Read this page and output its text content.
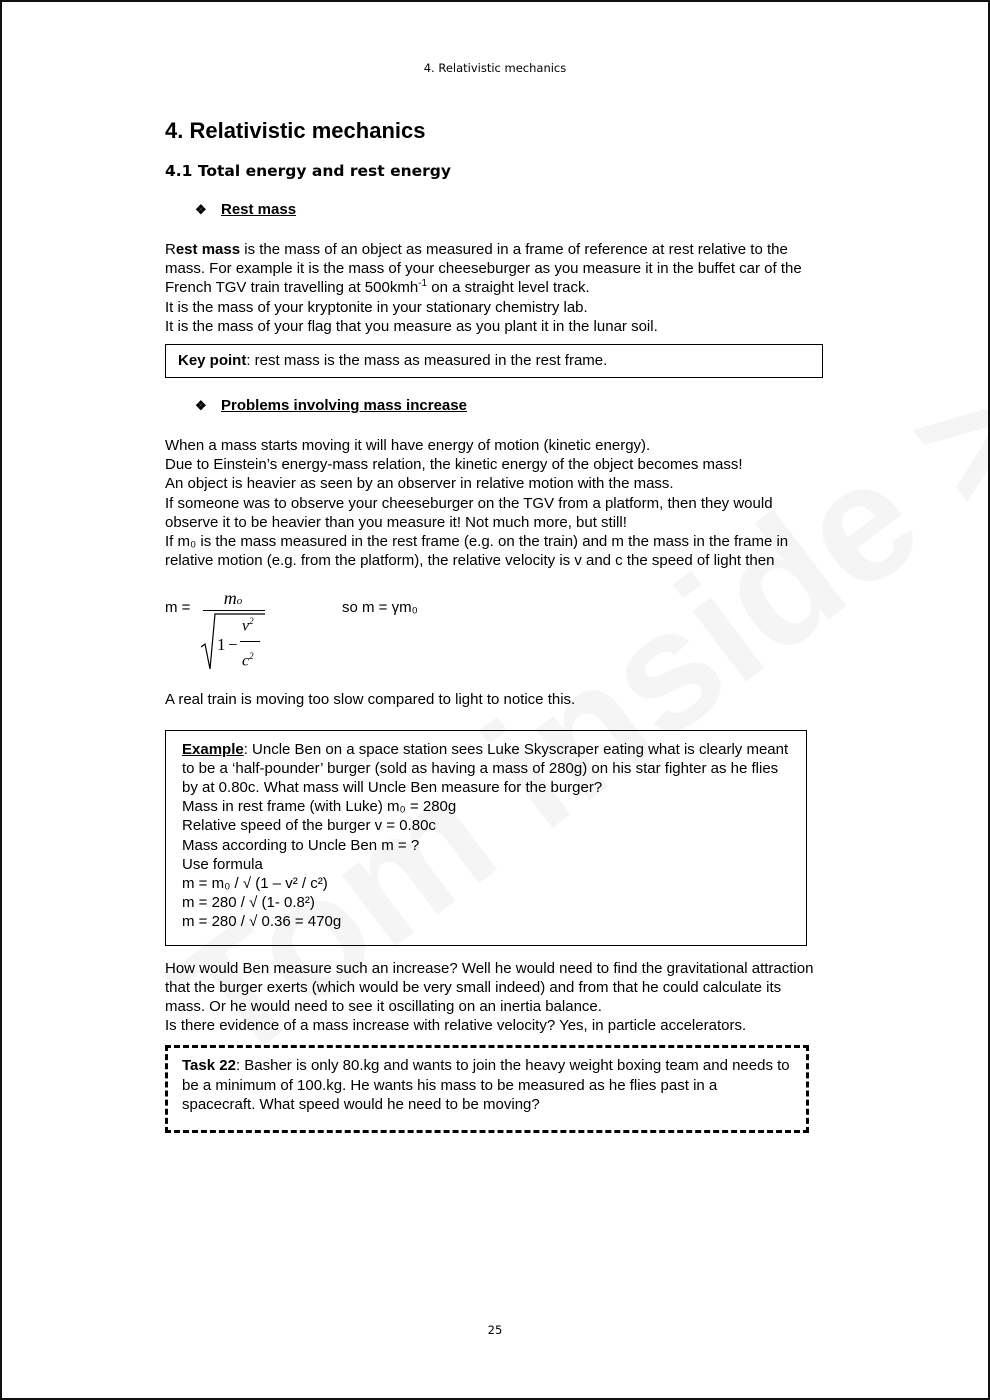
4. Relativistic mechanics
4. Relativistic mechanics
4.1 Total energy and rest energy
❖ Rest mass

Rest mass is the mass of an object as measured in a frame of reference at rest relative to the mass. For example it is the mass of your cheeseburger as you measure it in the buffet car of the French TGV train travelling at 500kmh$^{-1}$ on a straight level track.

It is the mass of your kryptonite in your stationary chemistry lab.

It is the mass of your flag that you measure as you plant it in the lunar soil.

Key point: rest mass is the mass as measured in the rest frame.
❖ Problems involving mass increase

When a mass starts moving it will have energy of motion (kinetic energy).

Due to Einstein’s energy-mass relation, the kinetic energy of the object becomes mass!

An object is heavier as seen by an observer in relative motion with the mass.

If someone was to observe your cheeseburger on the TGV from a platform, then they would observe it to be heavier than you measure it! Not much more, but still!

If m₀ is the mass measured in the rest frame (e.g. on the train) and m the mass in the frame in relative motion (e.g. from the platform), the relative velocity is v and c the speed of light then

m =	mo
1 −
$v^2$
$c^2$
so m = γm₀

A real train is moving too slow compared to light to notice this.

Example: Uncle Ben on a space station sees Luke Skyscraper eating what is clearly meant to be a ‘half-pounder’ burger (sold as having a mass of 280g) on his star fighter as he flies by at 0.80c. What mass will Uncle Ben measure for the burger?
Mass in rest frame (with Luke) m₀ = 280g
Relative speed of the burger v = 0.80c
Mass according to Uncle Ben m = ?
Use formula
m = m₀ / √ (1 – v² / c²)
m = 280 / √ (1- 0.8²)
m = 280 / √ 0.36 = 470g

How would Ben measure such an increase? Well he would need to find the gravitational attraction that the burger exerts (which would be very small indeed) and from that he could calculate its mass. Or he would need to see it oscillating on an inertia balance.

Is there evidence of a mass increase with relative velocity? Yes, in particle accelerators.

Task 22: Basher is only 80.kg and wants to join the heavy weight boxing team and needs to be a minimum of 100.kg. He wants his mass to be measured as he flies past in a spacecraft. What speed would he need to be moving?
25
